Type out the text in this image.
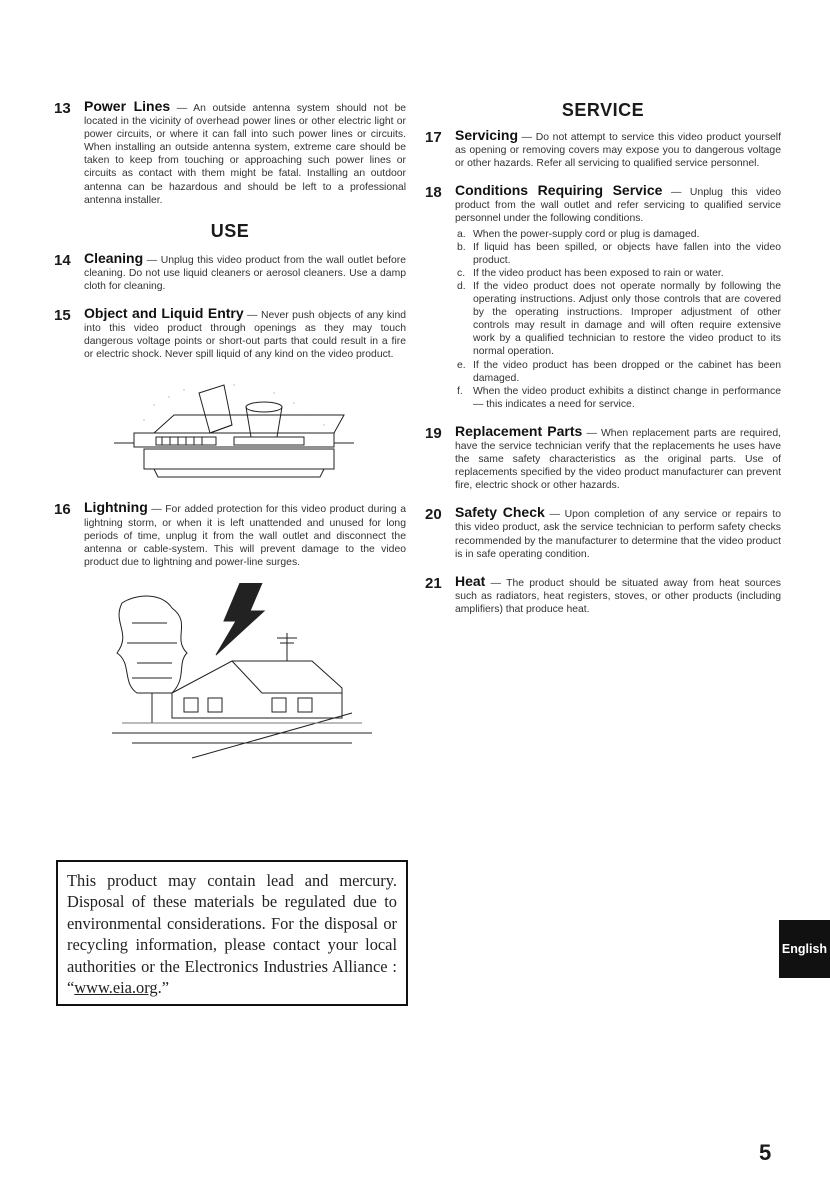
13 Power Lines — An outside antenna system should not be located in the vicinity of overhead power lines or other electric light or power circuits, or where it can fall into such power lines or circuits. When installing an outside antenna system, extreme care should be taken to keep from touching or approaching such power lines or circuits as contact with them might be fatal. Installing an outdoor antenna can be hazardous and should be left to a professional antenna installer.

USE
14 Cleaning — Unplug this video product from the wall outlet before cleaning. Do not use liquid cleaners or aerosol cleaners. Use a damp cloth for cleaning.

15 Object and Liquid Entry — Never push objects of any kind into this video product through openings as they may touch dangerous voltage points or short-out parts that could result in a fire or electric shock. Never spill liquid of any kind on the video product.

16 Lightning — For added protection for this video product during a lightning storm, or when it is left unattended and unused for long periods of time, unplug it from the wall outlet and disconnect the antenna or cable-system. This will prevent damage to the video product due to lightning and power-line surges.

This product may contain lead and mercury. Disposal of these materials be regulated due to environmental considerations. For the disposal or recycling information, please contact your local authorities or the Electronics Industries Alliance : “www.eia.org.”
SERVICE
17 Servicing — Do not attempt to service this video product yourself as opening or removing covers may expose you to dangerous voltage or other hazards. Refer all servicing to qualified service personnel.

18 Conditions Requiring Service — Unplug this video product from the wall outlet and refer servicing to qualified service personnel under the following conditions.

a. When the power-supply cord or plug is damaged.
b. If liquid has been spilled, or objects have fallen into the video product.
c. If the video product has been exposed to rain or water.
d. If the video product does not operate normally by following the operating instructions. Adjust only those controls that are covered by the operating instructions. Improper adjustment of other controls may result in damage and will often require extensive work by a qualified technician to restore the video product to its normal operation.
e. If the video product has been dropped or the cabinet has been damaged.
f. When the video product exhibits a distinct change in performance — this indicates a need for service.
19 Replacement Parts — When replacement parts are required, have the service technician verify that the replacements he uses have the same safety characteristics as the original parts. Use of replacements specified by the video product manufacturer can prevent fire, electric shock or other hazards.

20 Safety Check — Upon completion of any service or repairs to this video product, ask the service technician to perform safety checks recommended by the manufacturer to determine that the video product is in safe operating condition.

21 Heat — The product should be situated away from heat sources such as radiators, heat registers, stoves, or other products (including amplifiers) that produce heat.

English
5
